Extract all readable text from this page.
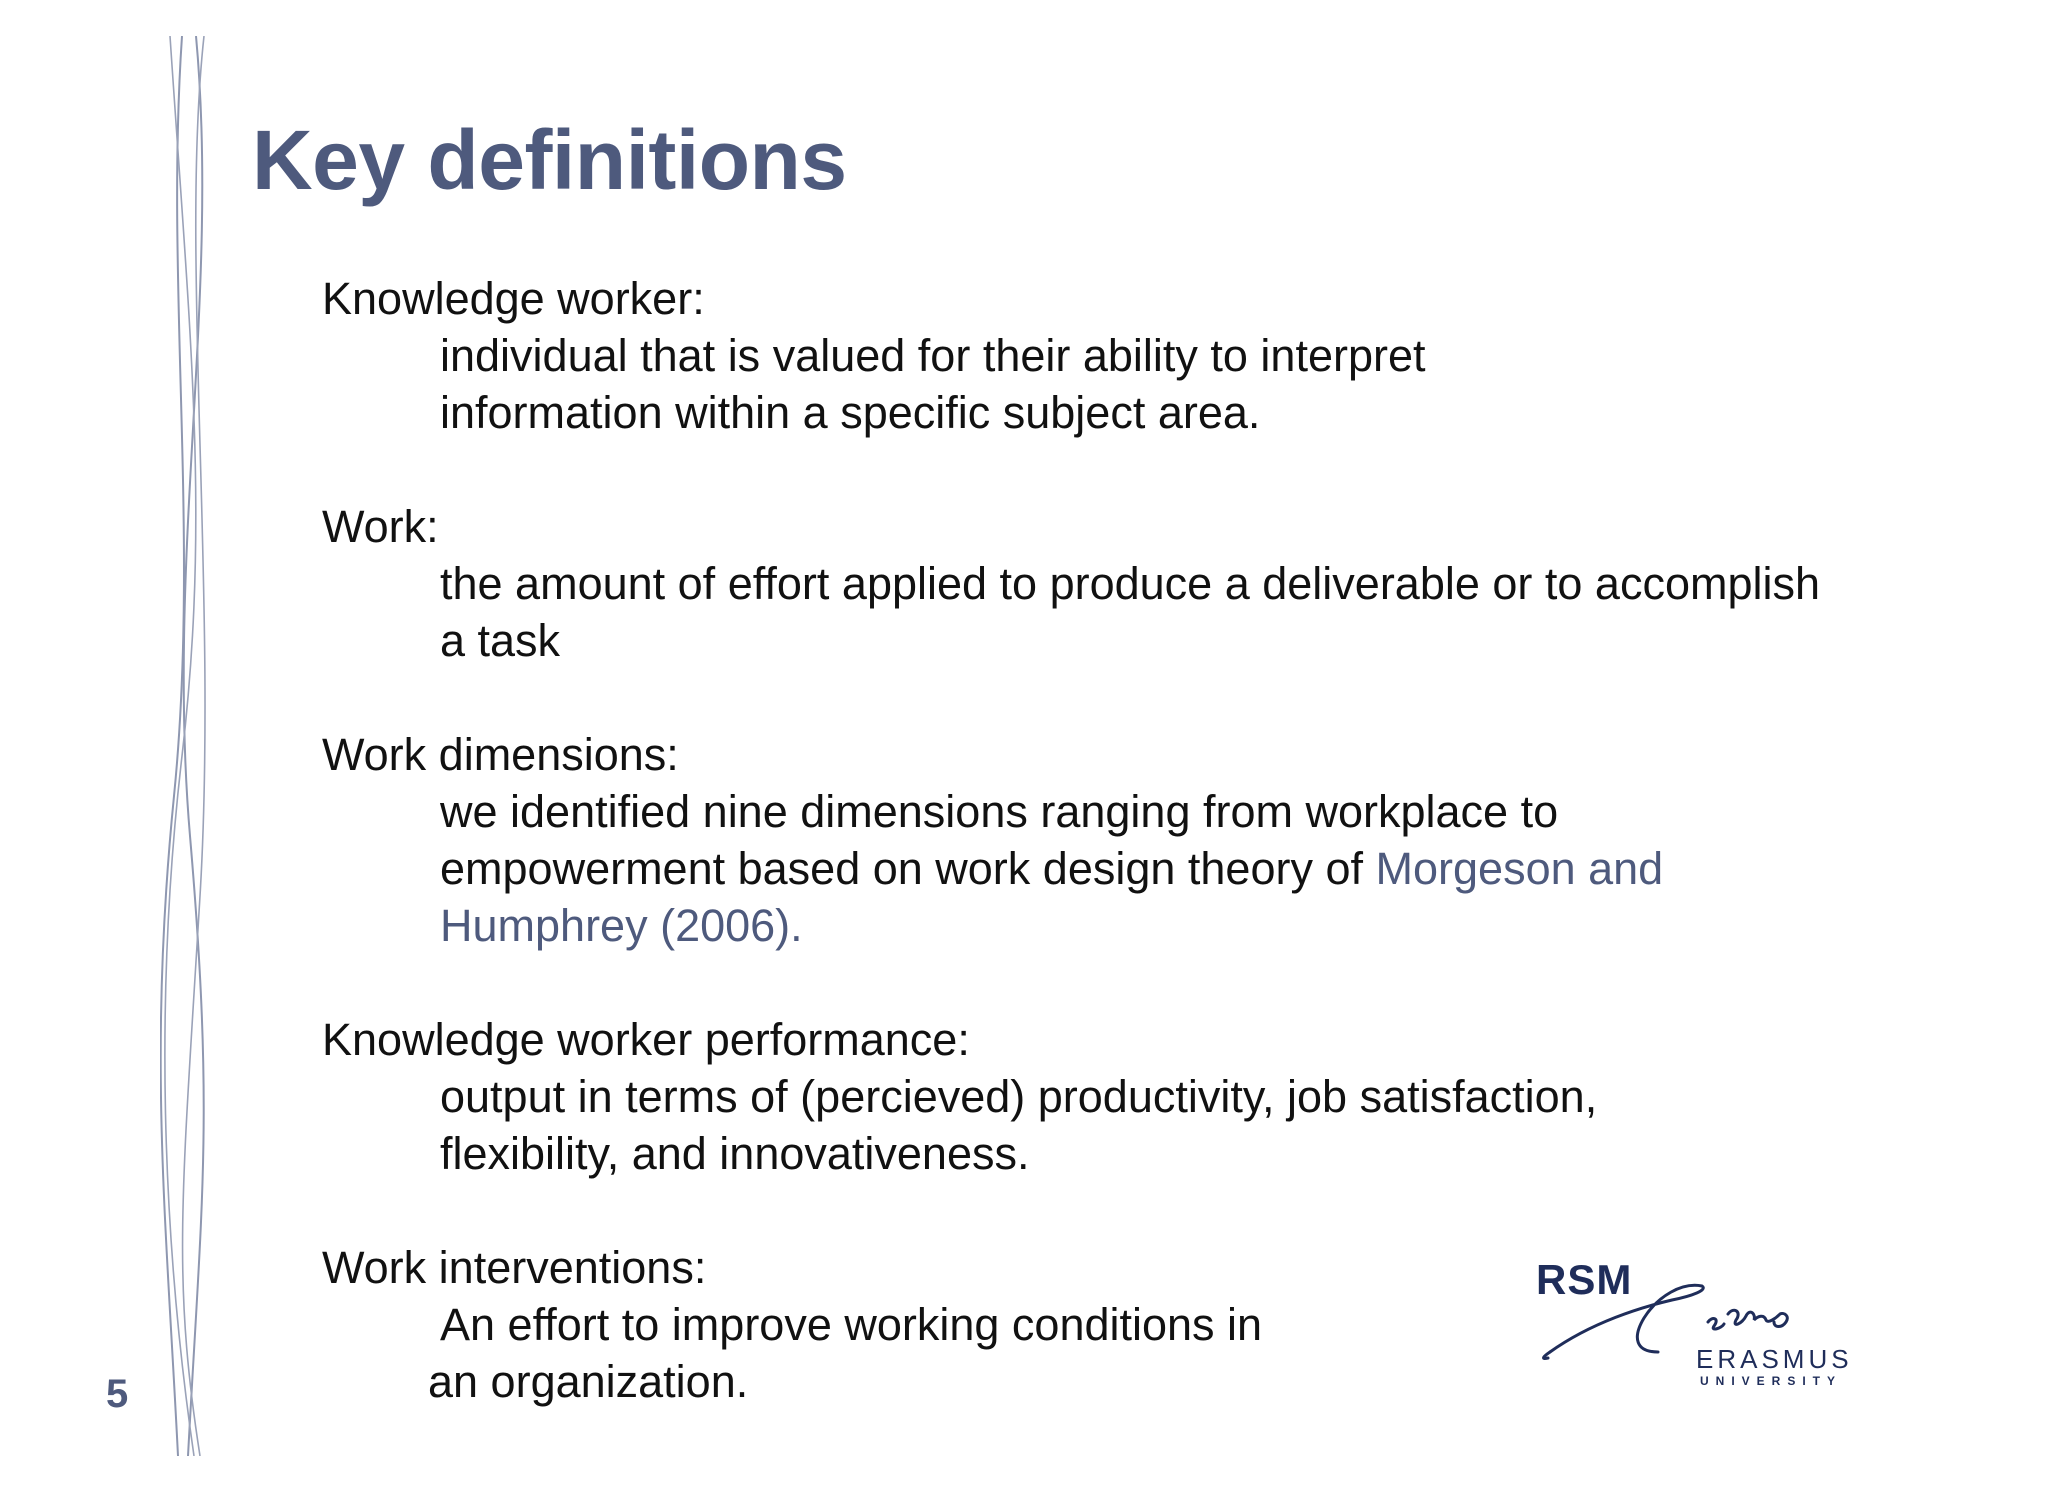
Key definitions
Knowledge worker:
individual that is valued for their ability to interpret
information within a specific subject area.
Work:
the amount of effort applied to produce a deliverable or to accomplish
a task
Work dimensions:
we identified nine dimensions ranging from workplace to
empowerment based on work design theory of Morgeson and
Humphrey (2006).
Knowledge worker performance:
output in terms of (percieved) productivity, job satisfaction,
flexibility, and innovativeness.
Work interventions:
An effort to improve working conditions in
an organization.
5
RSM
ERASMUS
UNIVERSITY
